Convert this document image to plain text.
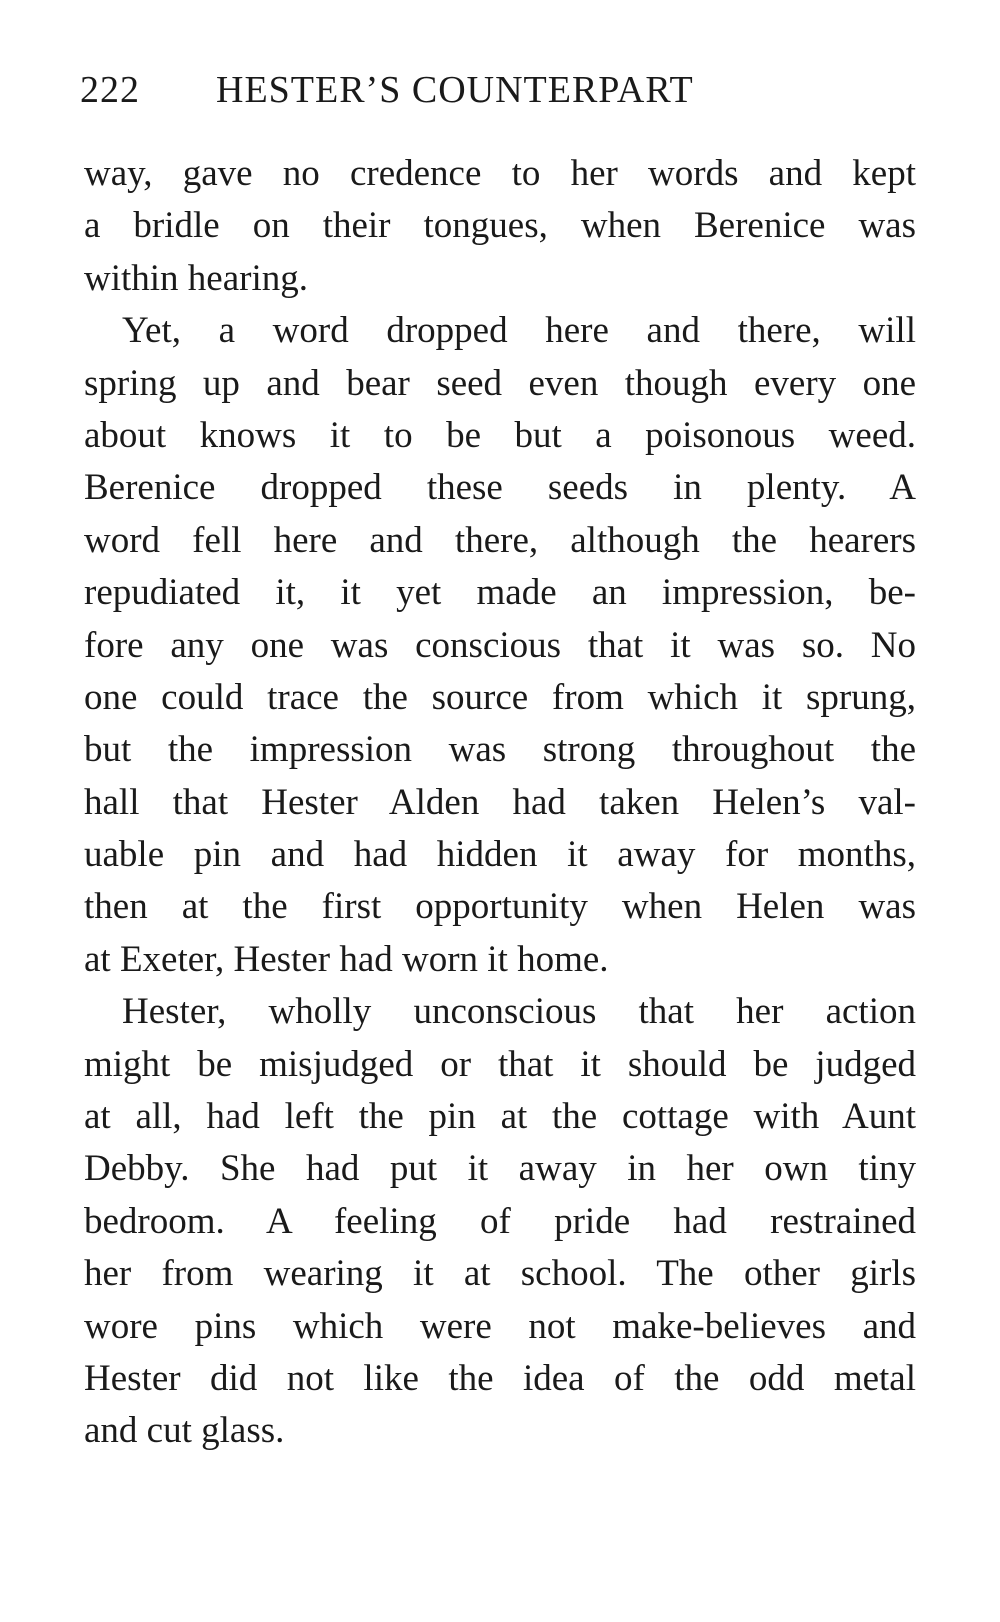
222 HESTER’S COUNTERPART
way, gave no credence to her words and kept
a bridle on their tongues, when Berenice was
within hearing.
Yet, a word dropped here and there, will
spring up and bear seed even though every one
about knows it to be but a poisonous weed.
Berenice dropped these seeds in plenty. A
word fell here and there, although the hearers
repudiated it, it yet made an impression, be-
fore any one was conscious that it was so. No
one could trace the source from which it sprung,
but the impression was strong throughout the
hall that Hester Alden had taken Helen’s val-
uable pin and had hidden it away for months,
then at the first opportunity when Helen was
at Exeter, Hester had worn it home.
Hester, wholly unconscious that her action
might be misjudged or that it should be judged
at all, had left the pin at the cottage with Aunt
Debby. She had put it away in her own tiny
bedroom. A feeling of pride had restrained
her from wearing it at school. The other girls
wore pins which were not make-believes and
Hester did not like the idea of the odd metal
and cut glass.
